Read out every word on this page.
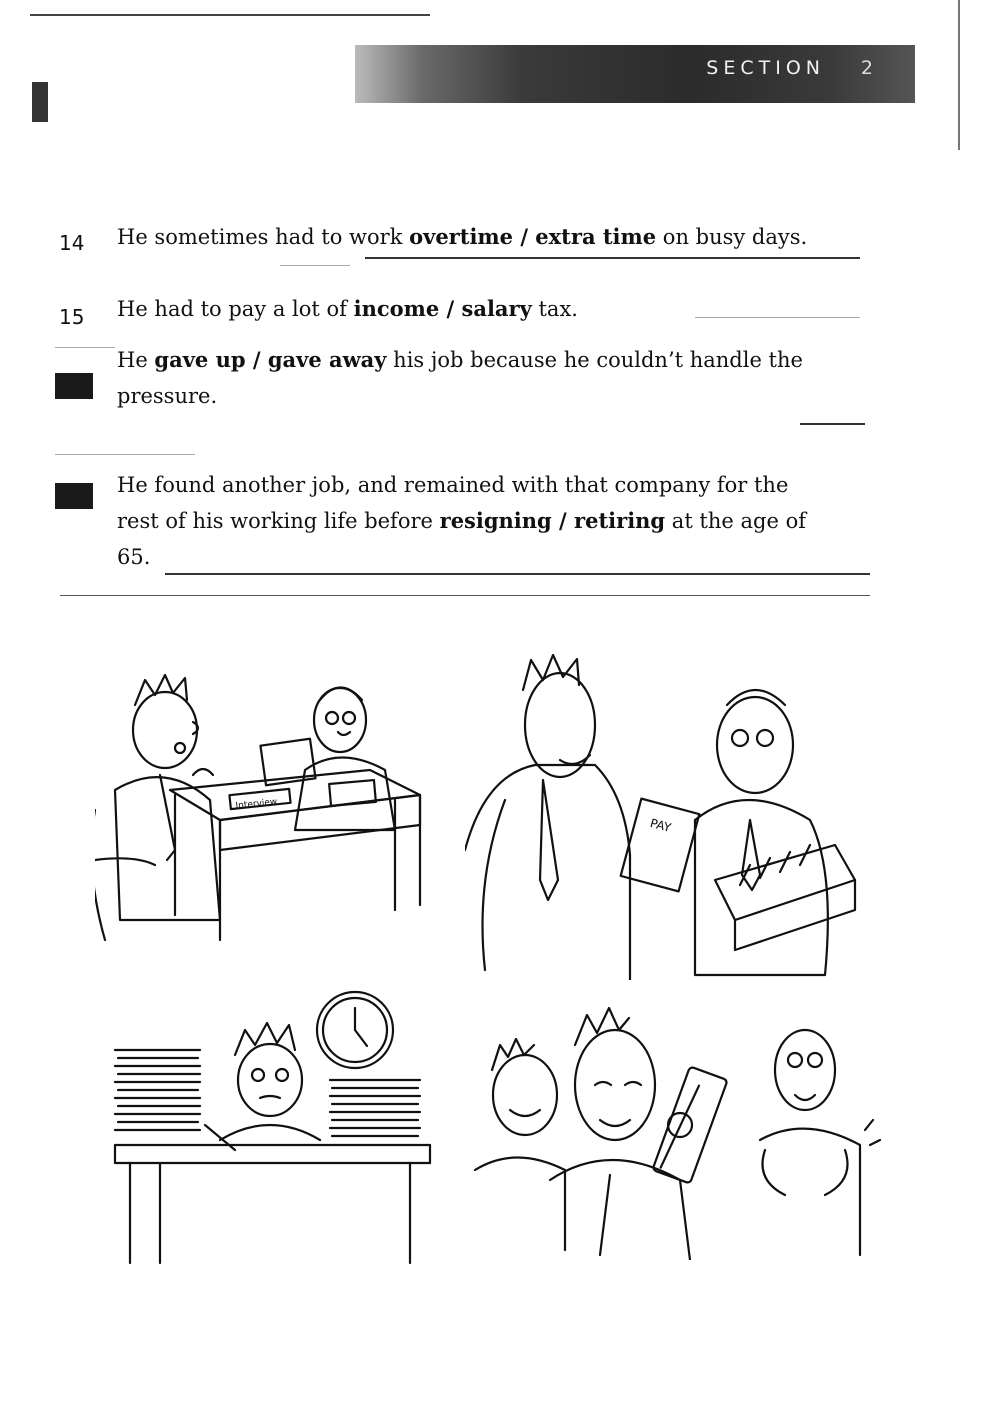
SECTION 2
14 He sometimes had to work overtime / extra time on busy days.
15 He had to pay a lot of income / salary tax.
16
He gave up / gave away his job because he couldn’t handle the pressure.
17 He found another job, and remained with that company for the rest of his working life before resigning / retiring at the age of 65.
Interview
PAY
